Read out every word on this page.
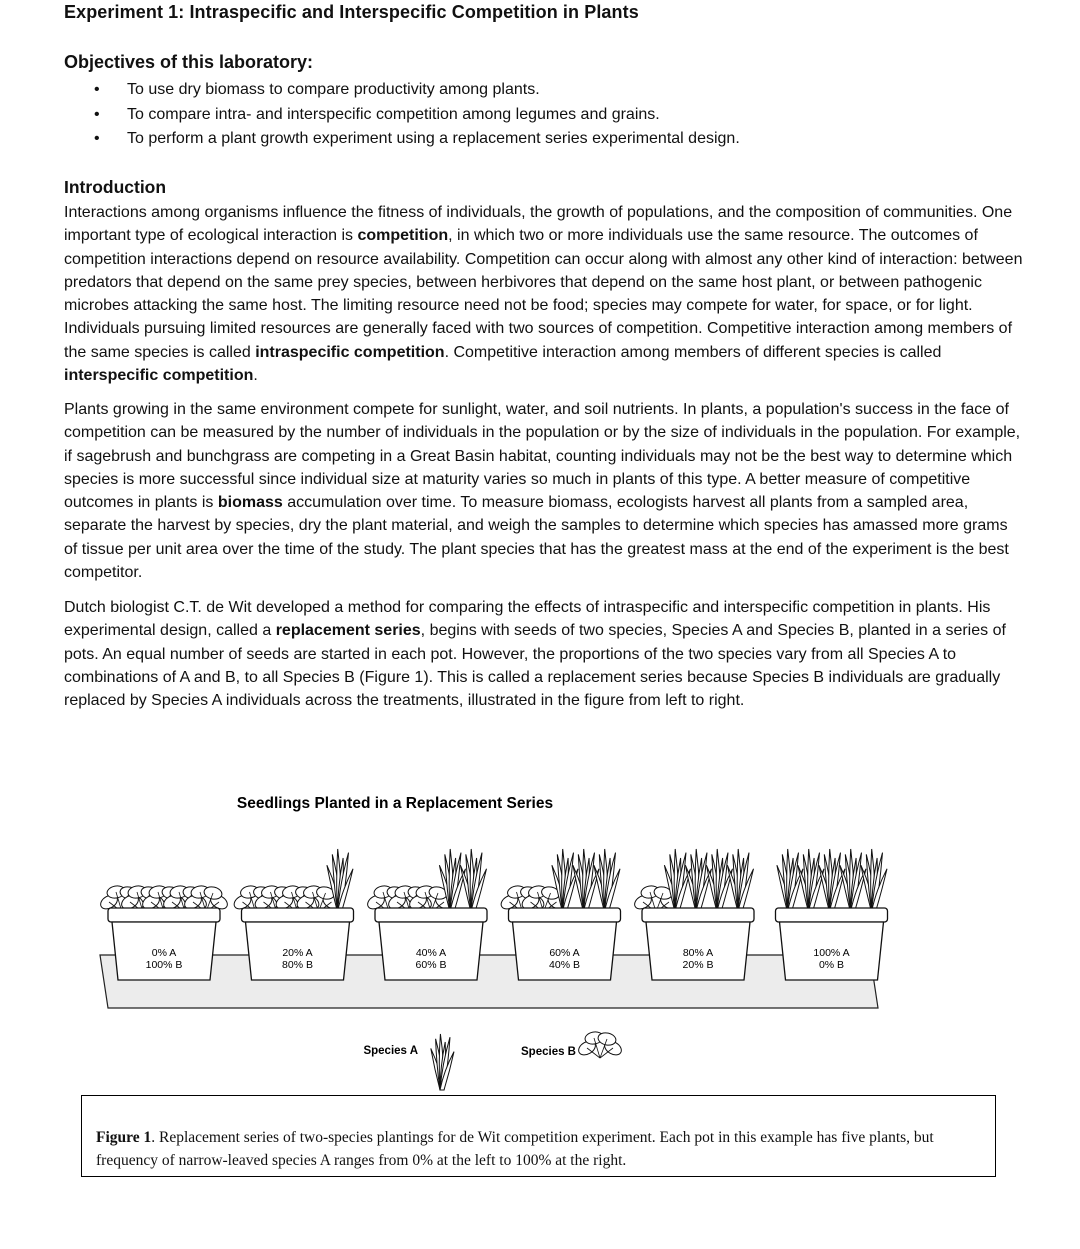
Experiment 1: Intraspecific and Interspecific Competition in Plants
Objectives of this laboratory:
• To use dry biomass to compare productivity among plants.
• To compare intra- and interspecific competition among legumes and grains.
• To perform a plant growth experiment using a replacement series experimental design.
Introduction

Interactions among organisms influence the fitness of individuals, the growth of populations, and the composition of communities. One important type of ecological interaction is competition, in which two or more individuals use the same resource. The outcomes of competition interactions depend on resource availability. Competition can occur along with almost any other kind of interaction: between predators that depend on the same prey species, between herbivores that depend on the same host plant, or between pathogenic microbes attacking the same host. The limiting resource need not be food; species may compete for water, for space, or for light. Individuals pursuing limited resources are generally faced with two sources of competition. Competitive interaction among members of the same species is called intraspecific competition. Competitive interaction among members of different species is called interspecific competition.

Plants growing in the same environment compete for sunlight, water, and soil nutrients. In plants, a population's success in the face of competition can be measured by the number of individuals in the population or by the size of individuals in the population. For example, if sagebrush and bunchgrass are competing in a Great Basin habitat, counting individuals may not be the best way to determine which species is more successful since individual size at maturity varies so much in plants of this type. A better measure of competitive outcomes in plants is biomass accumulation over time. To measure biomass, ecologists harvest all plants from a sampled area, separate the harvest by species, dry the plant material, and weigh the samples to determine which species has amassed more grams of tissue per unit area over the time of the study. The plant species that has the greatest mass at the end of the experiment is the best competitor.

Dutch biologist C.T. de Wit developed a method for comparing the effects of intraspecific and interspecific competition in plants. His experimental design, called a replacement series, begins with seeds of two species, Species A and Species B, planted in a series of pots. An equal number of seeds are started in each pot. However, the proportions of the two species vary from all Species A to combinations of A and B, to all Species B (Figure 1). This is called a replacement series because Species B individuals are gradually replaced by Species A individuals across the treatments, illustrated in the figure from left to right.

Seedlings Planted in a Replacement Series
0% A
100% B
20% A
80% B
40% A
60% B
60% A
40% B
80% A
20% B
100% A
0% B
Species A	Species B
Figure 1. Replacement series of two-species plantings for de Wit competition experiment. Each pot in this example has five plants, but frequency of narrow-leaved species A ranges from 0% at the left to 100% at the right.
